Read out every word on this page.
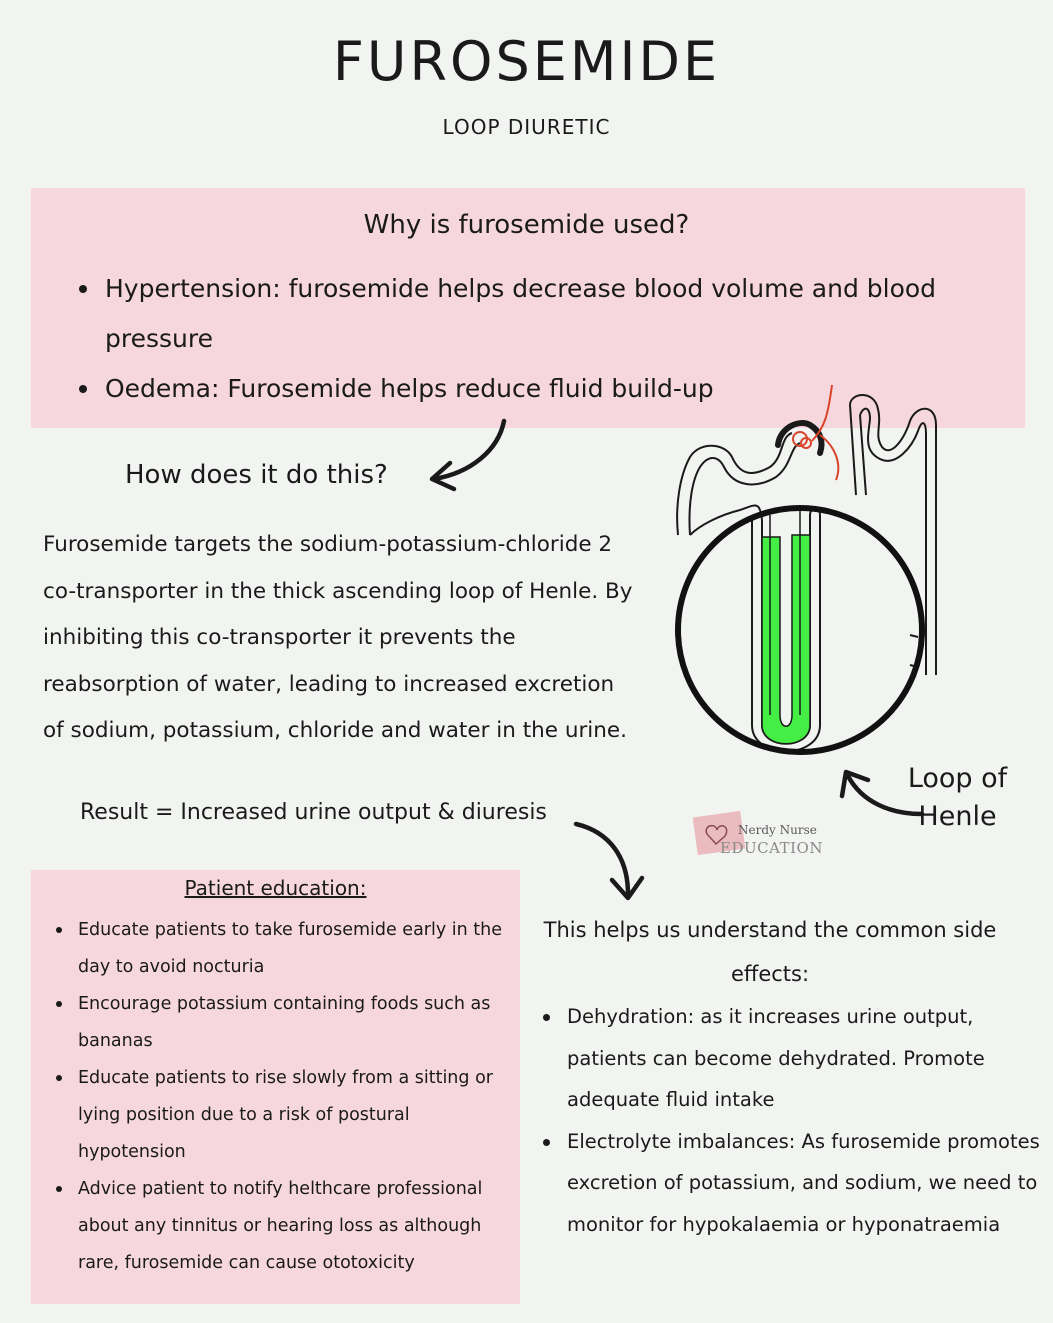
FUROSEMIDE
LOOP DIURETIC
Why is furosemide used?
Hypertension: furosemide helps decrease blood volume and blood pressure
Oedema: Furosemide helps reduce fluid build-up
How does it do this?
Furosemide targets the sodium-potassium-chloride 2 co-transporter in the thick ascending loop of Henle. By inhibiting this co-transporter it prevents the reabsorption of water, leading to increased excretion of sodium, potassium, chloride and water in the urine.
Result = Increased urine output & diuresis
Loop of Henle
Nerdy Nurse
EDUCATION
Patient education:
Educate patients to take furosemide early in the day to avoid nocturia
Encourage potassium containing foods such as bananas
Educate patients to rise slowly from a sitting or lying position due to a risk of postural hypotension
Advice patient to notify helthcare professional about any tinnitus or hearing loss as although rare, furosemide can cause ototoxicity
This helps us understand the common side effects:
Dehydration: as it increases urine output, patients can become dehydrated. Promote adequate fluid intake
Electrolyte imbalances: As furosemide promotes excretion of potassium, and sodium, we need to monitor for hypokalaemia or hyponatraemia
